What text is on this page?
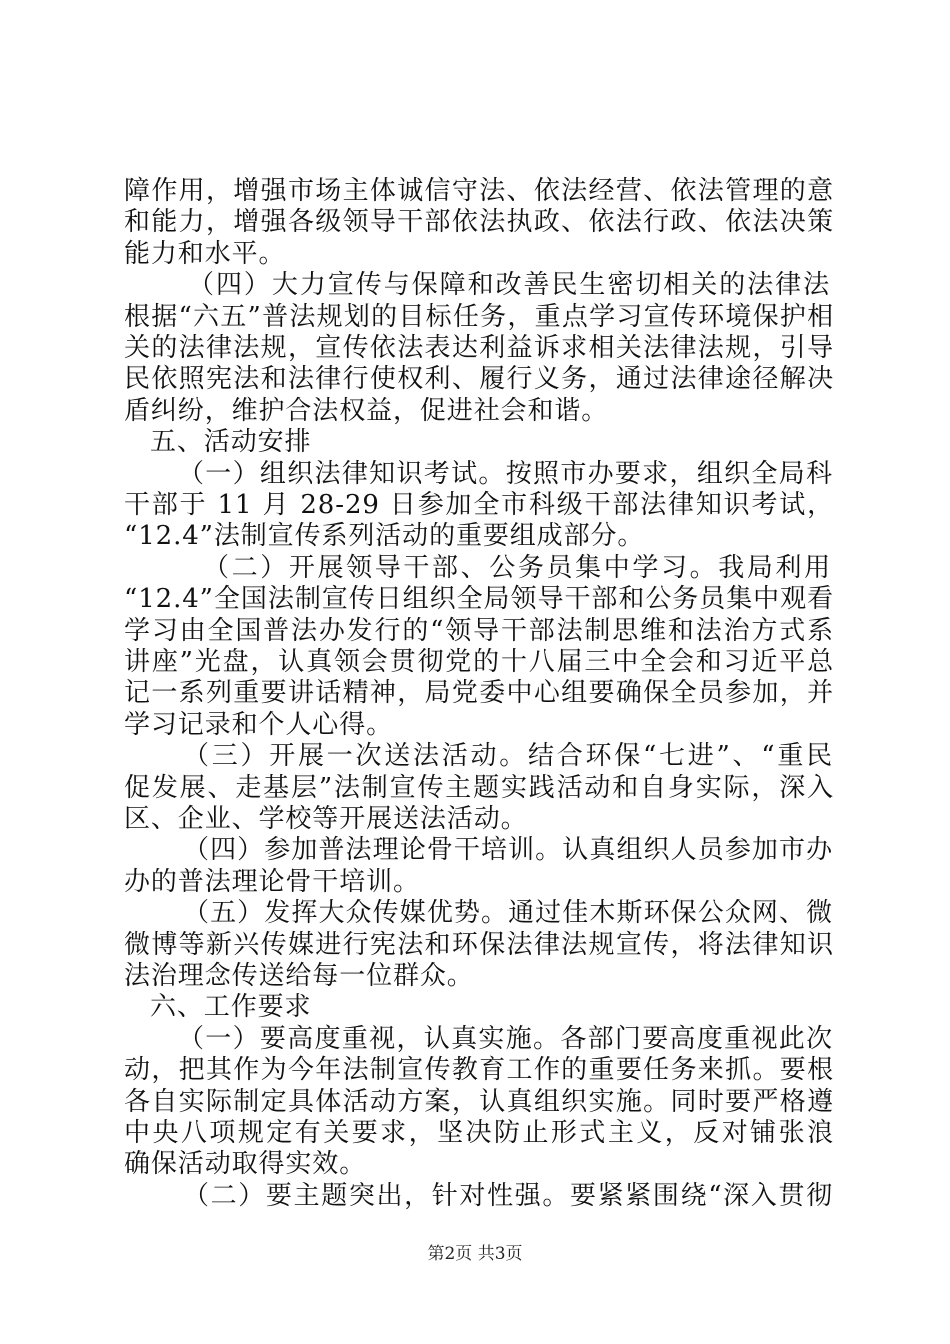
障作用，增强市场主体诚信守法、依法经营、依法管理的意
和能力，增强各级领导干部依法执政、依法行政、依法决策
能力和水平。
（四）大力宣传与保障和改善民生密切相关的法律法
根据“六五”普法规划的目标任务，重点学习宣传环境保护相
关的法律法规，宣传依法表达利益诉求相关法律法规，引导
民依照宪法和法律行使权利、履行义务，通过法律途径解决
盾纠纷，维护合法权益，促进社会和谐。
五、活动安排
（一）组织法律知识考试。按照市办要求，组织全局科
干部于 11 月 28-29 日参加全市科级干部法律知识考试，
“12.4”法制宣传系列活动的重要组成部分。
（二）开展领导干部、公务员集中学习。我局利用
“12.4”全国法制宣传日组织全局领导干部和公务员集中观看
学习由全国普法办发行的“领导干部法制思维和法治方式系
讲座”光盘，认真领会贯彻党的十八届三中全会和习近平总
记一系列重要讲话精神，局党委中心组要确保全员参加，并
学习记录和个人心得。
（三）开展一次送法活动。结合环保“七进”、“重民
促发展、走基层”法制宣传主题实践活动和自身实际，深入
区、企业、学校等开展送法活动。
（四）参加普法理论骨干培训。认真组织人员参加市办
办的普法理论骨干培训。
（五）发挥大众传媒优势。通过佳木斯环保公众网、微
微博等新兴传媒进行宪法和环保法律法规宣传，将法律知识
法治理念传送给每一位群众。
六、工作要求
（一）要高度重视，认真实施。各部门要高度重视此次
动，把其作为今年法制宣传教育工作的重要任务来抓。要根
各自实际制定具体活动方案，认真组织实施。同时要严格遵
中央八项规定有关要求，坚决防止形式主义，反对铺张浪
确保活动取得实效。
（二）要主题突出，针对性强。要紧紧围绕“深入贯彻
第2页 共3页
